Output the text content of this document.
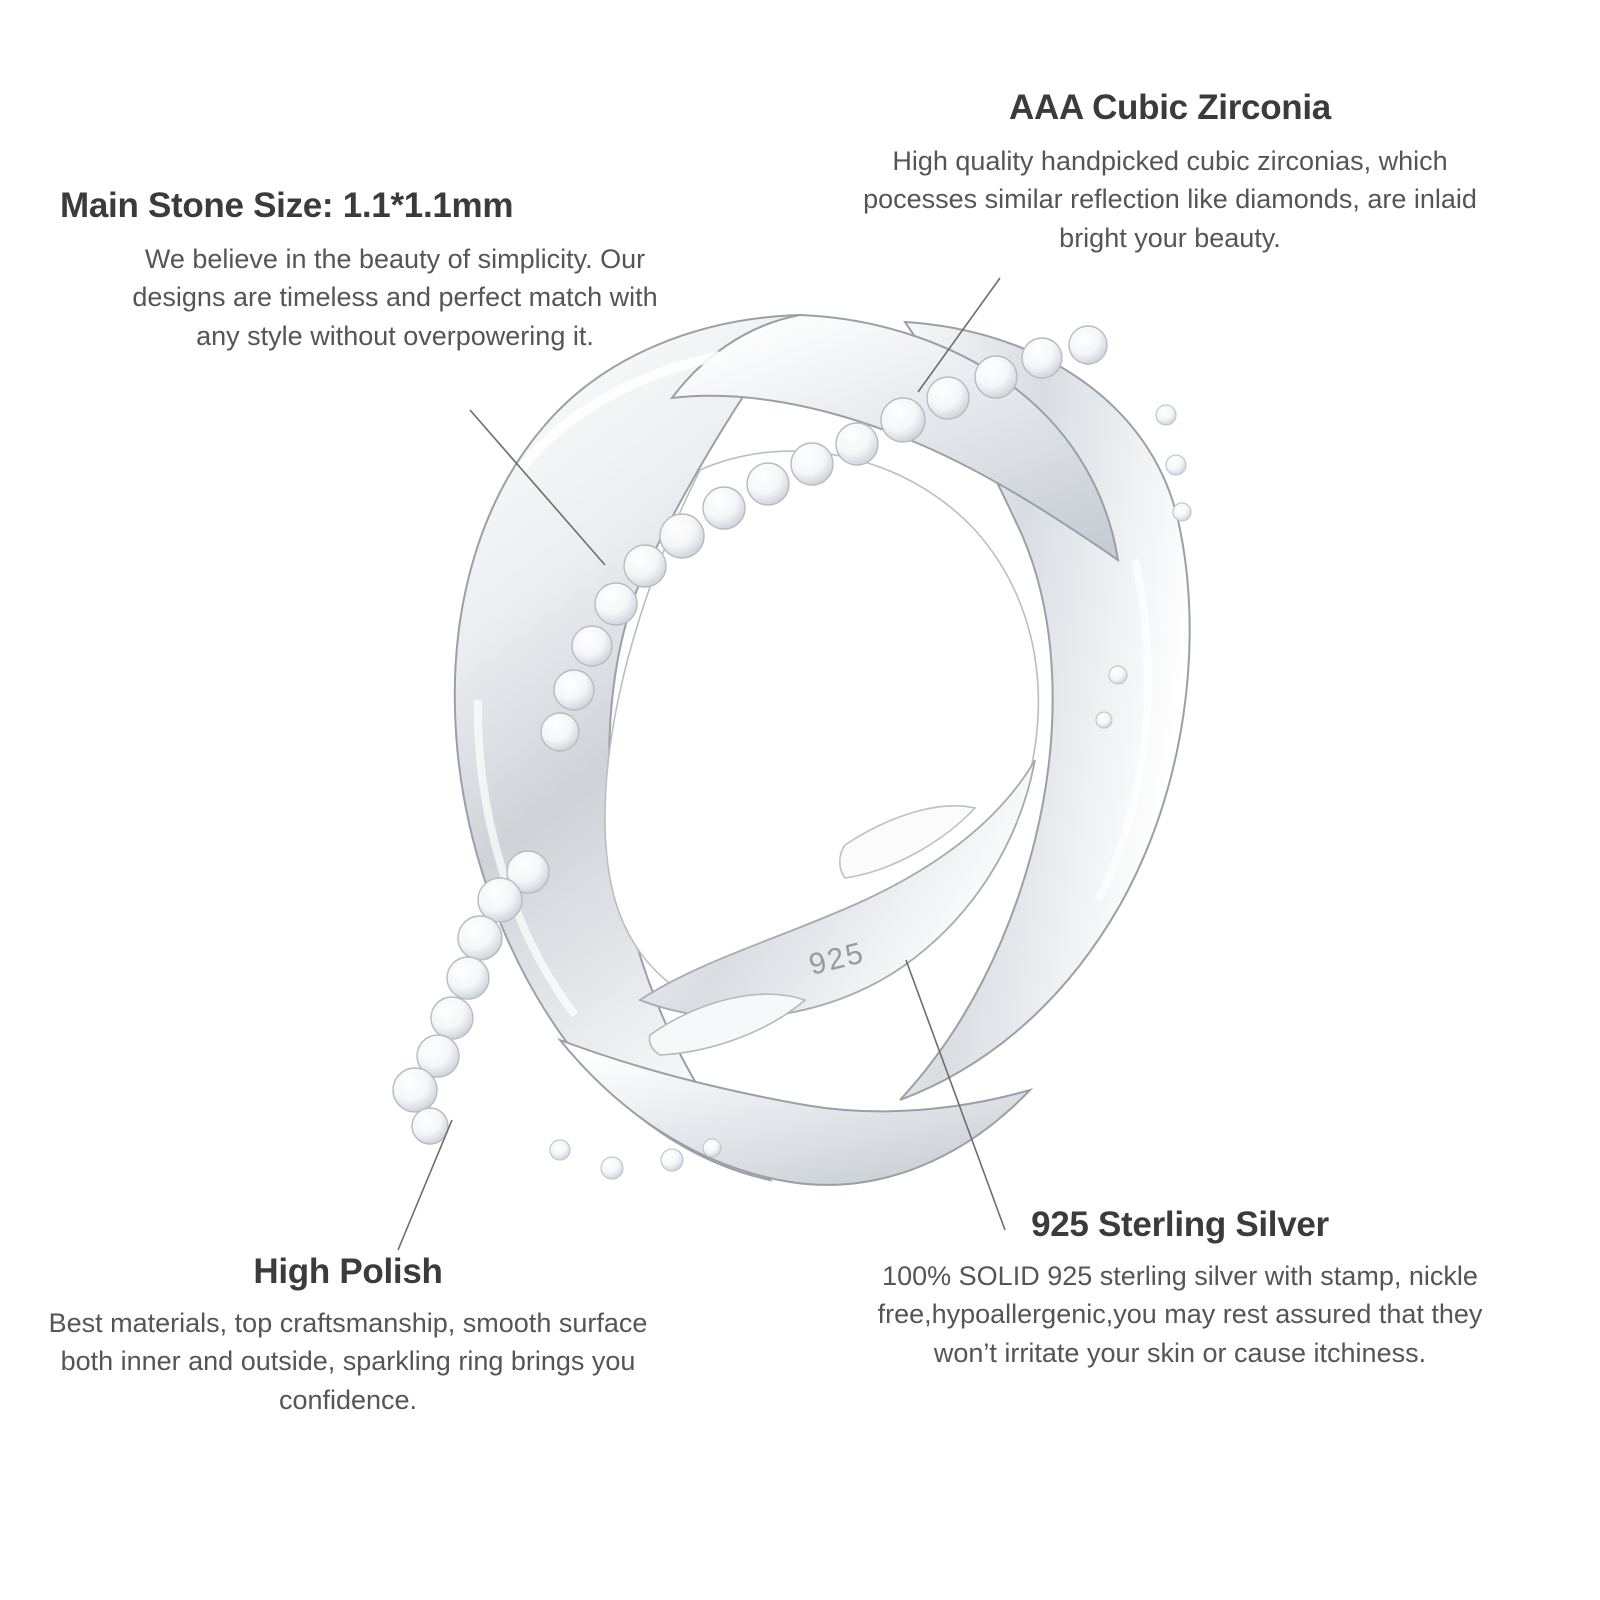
925
Main Stone Size: 1.1*1.1mm
We believe in the beauty of simplicity. Our designs are timeless and perfect match with any style without overpowering it.
AAA Cubic Zirconia
High quality handpicked cubic zirconias, which pocesses similar reflection like diamonds, are inlaid bright your beauty.
High Polish
Best materials, top craftsmanship, smooth surface both inner and outside, sparkling ring brings you confidence.
925 Sterling Silver
100% SOLID 925 sterling silver with stamp, nickle free,hypoallergenic,you may rest assured that they won’t irritate your skin or cause itchiness.
